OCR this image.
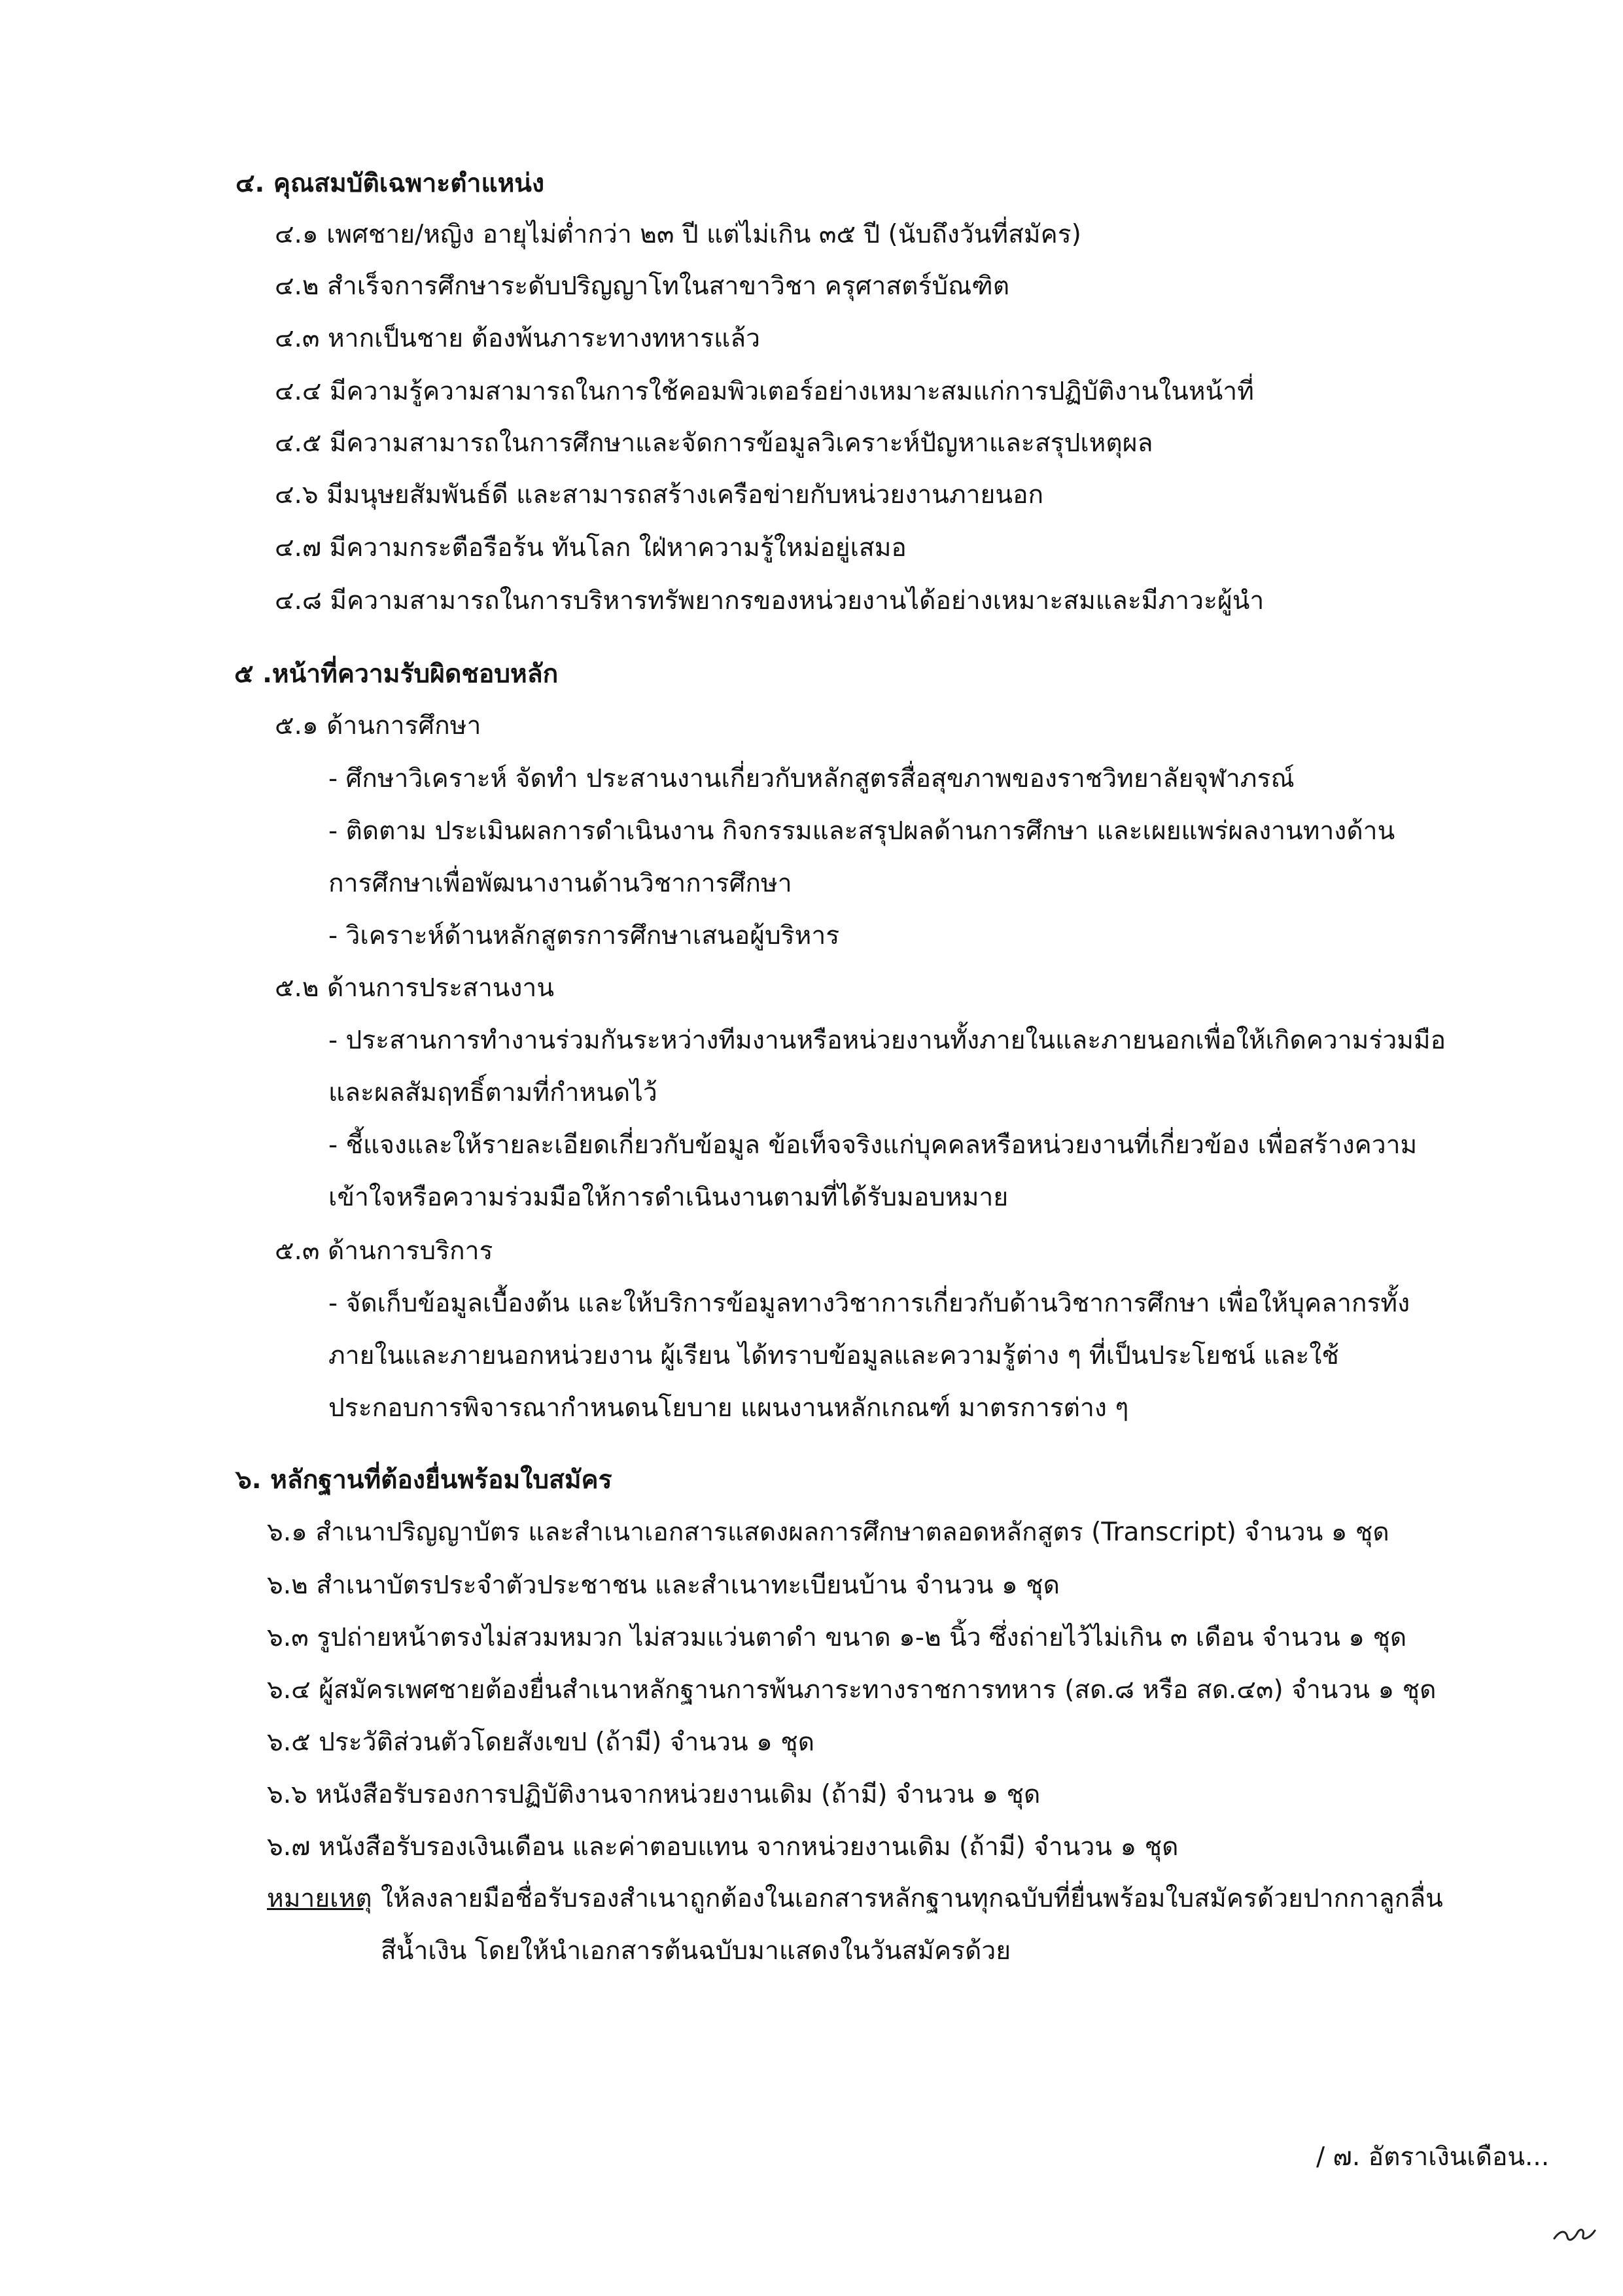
๔. คุณสมบัติเฉพาะตำแหน่ง
๔.๑ เพศชาย/หญิง อายุไม่ต่ำกว่า ๒๓ ปี แต่ไม่เกิน ๓๕ ปี (นับถึงวันที่สมัคร)
๔.๒ สำเร็จการศึกษาระดับปริญญาโทในสาขาวิชา ครุศาสตร์บัณฑิต
๔.๓ หากเป็นชาย ต้องพ้นภาระทางทหารแล้ว
๔.๔ มีความรู้ความสามารถในการใช้คอมพิวเตอร์อย่างเหมาะสมแก่การปฏิบัติงานในหน้าที่
๔.๕ มีความสามารถในการศึกษาและจัดการข้อมูลวิเคราะห์ปัญหาและสรุปเหตุผล
๔.๖ มีมนุษยสัมพันธ์ดี และสามารถสร้างเครือข่ายกับหน่วยงานภายนอก
๔.๗ มีความกระตือรือร้น ทันโลก ใฝ่หาความรู้ใหม่อยู่เสมอ
๔.๘ มีความสามารถในการบริหารทรัพยากรของหน่วยงานได้อย่างเหมาะสมและมีภาวะผู้นำ
๕ .หน้าที่ความรับผิดชอบหลัก
๕.๑ ด้านการศึกษา
- ศึกษาวิเคราะห์ จัดทำ ประสานงานเกี่ยวกับหลักสูตรสื่อสุขภาพของราชวิทยาลัยจุฬาภรณ์
- ติดตาม ประเมินผลการดำเนินงาน กิจกรรมและสรุปผลด้านการศึกษา และเผยแพร่ผลงานทางด้าน
การศึกษาเพื่อพัฒนางานด้านวิชาการศึกษา
- วิเคราะห์ด้านหลักสูตรการศึกษาเสนอผู้บริหาร
๕.๒ ด้านการประสานงาน
- ประสานการทำงานร่วมกันระหว่างทีมงานหรือหน่วยงานทั้งภายในและภายนอกเพื่อให้เกิดความร่วมมือ
และผลสัมฤทธิ์ตามที่กำหนดไว้
- ชี้แจงและให้รายละเอียดเกี่ยวกับข้อมูล ข้อเท็จจริงแก่บุคคลหรือหน่วยงานที่เกี่ยวข้อง เพื่อสร้างความ
เข้าใจหรือความร่วมมือให้การดำเนินงานตามที่ได้รับมอบหมาย
๕.๓ ด้านการบริการ
- จัดเก็บข้อมูลเบื้องต้น และให้บริการข้อมูลทางวิชาการเกี่ยวกับด้านวิชาการศึกษา เพื่อให้บุคลากรทั้ง
ภายในและภายนอกหน่วยงาน ผู้เรียน ได้ทราบข้อมูลและความรู้ต่าง ๆ ที่เป็นประโยชน์ และใช้
ประกอบการพิจารณากำหนดนโยบาย แผนงานหลักเกณฑ์ มาตรการต่าง ๆ
๖. หลักฐานที่ต้องยื่นพร้อมใบสมัคร
๖.๑ สำเนาปริญญาบัตร และสำเนาเอกสารแสดงผลการศึกษาตลอดหลักสูตร (Transcript) จำนวน ๑ ชุด
๖.๒ สำเนาบัตรประจำตัวประชาชน และสำเนาทะเบียนบ้าน จำนวน ๑ ชุด
๖.๓ รูปถ่ายหน้าตรงไม่สวมหมวก ไม่สวมแว่นตาดำ ขนาด ๑-๒ นิ้ว ซึ่งถ่ายไว้ไม่เกิน ๓ เดือน จำนวน ๑ ชุด
๖.๔ ผู้สมัครเพศชายต้องยื่นสำเนาหลักฐานการพ้นภาระทางราชการทหาร (สด.๘ หรือ สด.๔๓) จำนวน ๑ ชุด
๖.๕ ประวัติส่วนตัวโดยสังเขป (ถ้ามี) จำนวน ๑ ชุด
๖.๖ หนังสือรับรองการปฏิบัติงานจากหน่วยงานเดิม (ถ้ามี) จำนวน ๑ ชุด
๖.๗ หนังสือรับรองเงินเดือน และค่าตอบแทน จากหน่วยงานเดิม (ถ้ามี) จำนวน ๑ ชุด
หมายเหตุ ให้ลงลายมือชื่อรับรองสำเนาถูกต้องในเอกสารหลักฐานทุกฉบับที่ยื่นพร้อมใบสมัครด้วยปากกาลูกลื่น
สีน้ำเงิน โดยให้นำเอกสารต้นฉบับมาแสดงในวันสมัครด้วย
/ ๗. อัตราเงินเดือน...
